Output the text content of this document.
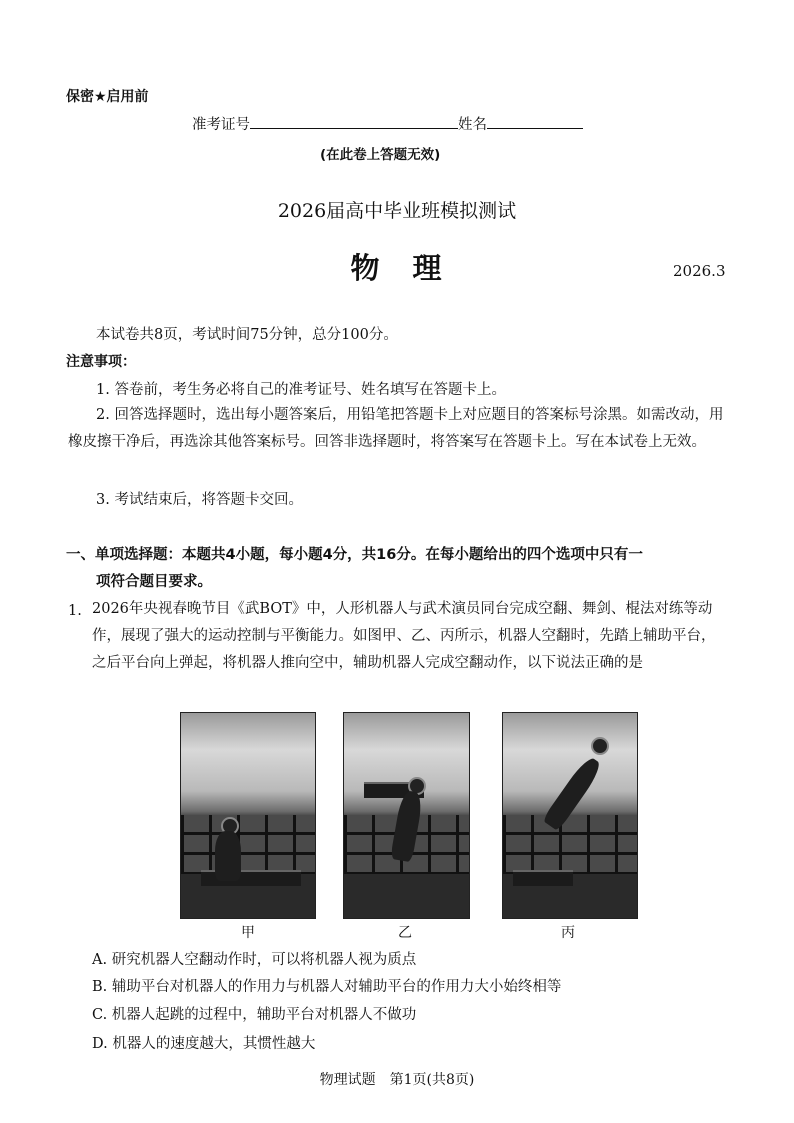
保密★启用前
准考证号	姓名
(在此卷上答题无效)
2026届高中毕业班模拟测试
物　理	2026.3
本试卷共8页，考试时间75分钟，总分100分。
注意事项：
1. 答卷前，考生务必将自己的准考证号、姓名填写在答题卡上。
2. 回答选择题时，选出每小题答案后，用铅笔把答题卡上对应题目的答案标号涂黑。如需改动，用橡皮擦干净后，再选涂其他答案标号。回答非选择题时，将答案写在答题卡上。写在本试卷上无效。
3. 考试结束后，将答题卡交回。
一、单项选择题：本题共4小题，每小题4分，共16分。在每小题给出的四个选项中只有一
项符合题目要求。
1. 2026年央视春晚节目《武BOT》中，人形机器人与武术演员同台完成空翻、舞剑、棍法对练等动作，展现了强大的运动控制与平衡能力。如图甲、乙、丙所示，机器人空翻时，先踏上辅助平台，之后平台向上弹起，将机器人推向空中，辅助机器人完成空翻动作，以下说法正确的是
甲	乙	丙
A. 研究机器人空翻动作时，可以将机器人视为质点
B. 辅助平台对机器人的作用力与机器人对辅助平台的作用力大小始终相等
C. 机器人起跳的过程中，辅助平台对机器人不做功
D. 机器人的速度越大，其惯性越大
物理试题　第1页(共8页)
